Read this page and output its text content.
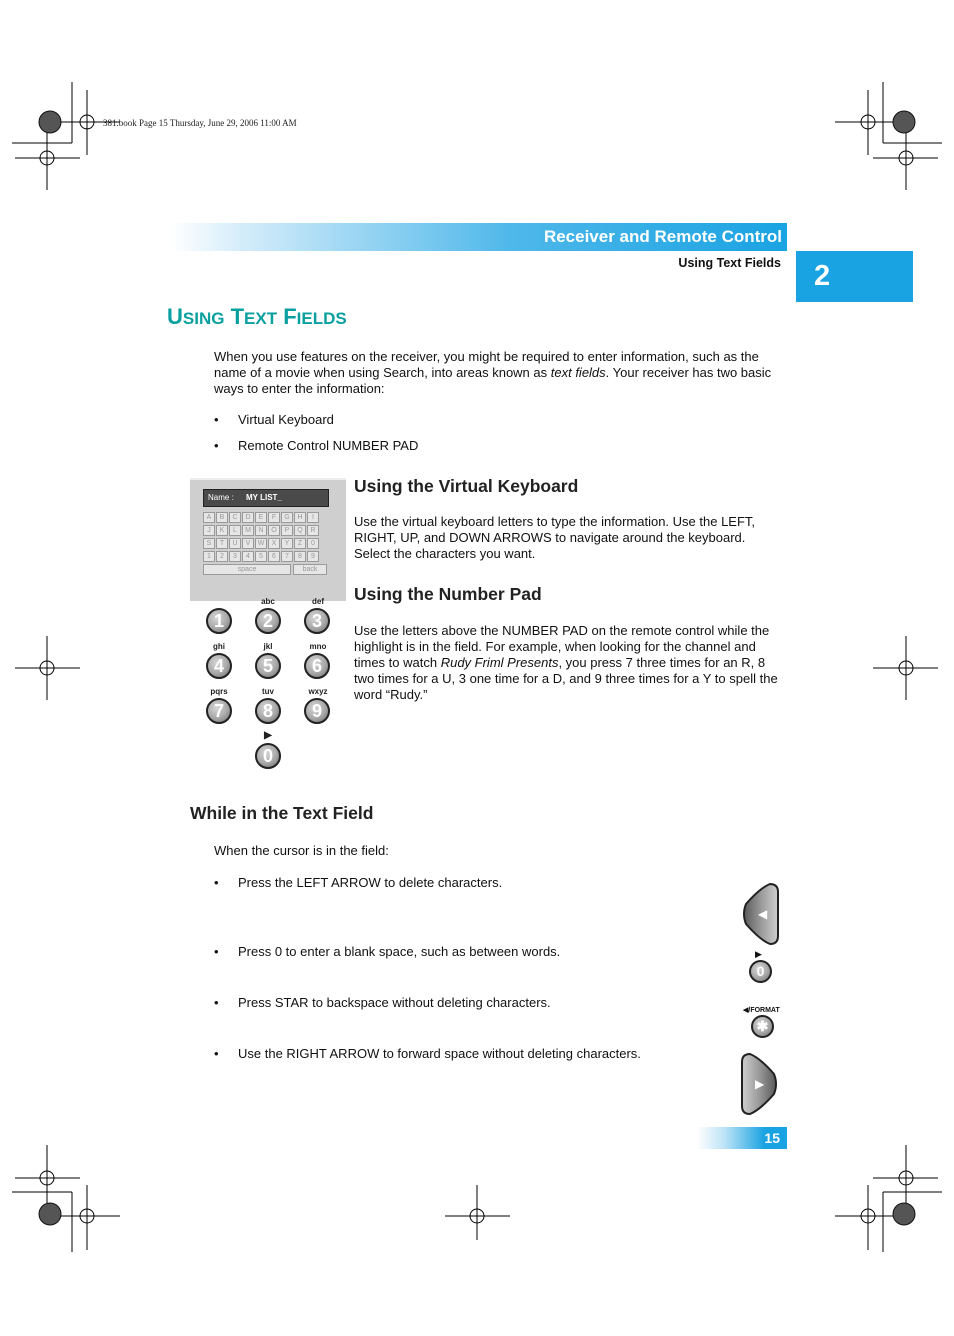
381.book Page 15 Thursday, June 29, 2006 11:00 AM
Receiver and Remote Control
Using Text Fields 2
USING TEXT FIELDS
When you use features on the receiver, you might be required to enter information, such as the
name of a movie when using Search, into areas known as text fields. Your receiver has two basic
ways to enter the information:
• Virtual Keyboard
• Remote Control NUMBER PAD
Name : MY LIST_
A	B	C	D	E	F	G	H	I
J	K	L	M	N	O	P	Q	R
S	T	U	V	W	X	Y	Z	0
1	2	3	4	5	6	7	8	9
space	back
Using the Virtual Keyboard
Use the virtual keyboard letters to type the information. Use the LEFT,
RIGHT, UP, and DOWN ARROWS to navigate around the keyboard.
Select the characters you want.
Using the Number Pad
Use the letters above the NUMBER PAD on the remote control while the
highlight is in the field. For example, when looking for the channel and
times to watch Rudy Friml Presents, you press 7 three times for an R, 8
two times for a U, 3 one time for a D, and 9 three times for a Y to spell the
word “Rudy.”
abc	def
1	2	3
ghi	jkl	mno
4	5	6
pqrs	tuv	wxyz
7	8	9
▶
0
While in the Text Field
When the cursor is in the field:
• Press the LEFT ARROW to delete characters.
• Press 0 to enter a blank space, such as between words.
• Press STAR to backspace without deleting characters.
• Use the RIGHT ARROW to forward space without deleting characters.
◀
▶
0
◀/FORMAT
✱
▶
15
